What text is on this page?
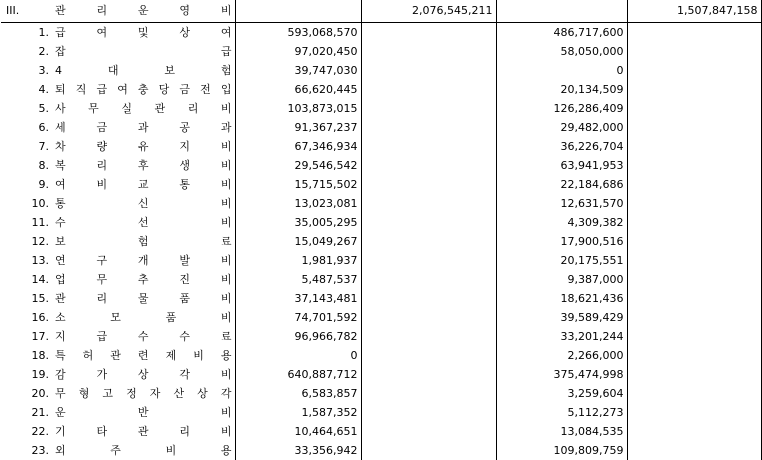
III.	관 리 운 영 비		2,076,545,211		1,507,847,158
1.	급 여 및 상 여	593,068,570		486,717,600	
2.	잡 급	97,020,450		58,050,000	
3.	4 대 보 험	39,747,030		0	
4.	퇴 직 급 여 충 당 금 전 입	66,620,445		20,134,509	
5.	사 무 실 관 리 비	103,873,015		126,286,409	
6.	세 금 과 공 과	91,367,237		29,482,000	
7.	차 량 유 지 비	67,346,934		36,226,704	
8.	복 리 후 생 비	29,546,542		63,941,953	
9.	여 비 교 통 비	15,715,502		22,184,686	
10.	통 신 비	13,023,081		12,631,570	
11.	수 선 비	35,005,295		4,309,382	
12.	보 험 료	15,049,267		17,900,516	
13.	연 구 개 발 비	1,981,937		20,175,551	
14.	업 무 추 진 비	5,487,537		9,387,000	
15.	관 리 물 품 비	37,143,481		18,621,436	
16.	소 모 품 비	74,701,592		39,589,429	
17.	지 급 수 수 료	96,966,782		33,201,244	
18.	특 허 관 련 제 비 용	0		2,266,000	
19.	감 가 상 각 비	640,887,712		375,474,998	
20.	무 형 고 정 자 산 상 각	6,583,857		3,259,604	
21.	운 반 비	1,587,352		5,112,273	
22.	기 타 관 리 비	10,464,651		13,084,535	
23.	외 주 비 용	33,356,942		109,809,759	
